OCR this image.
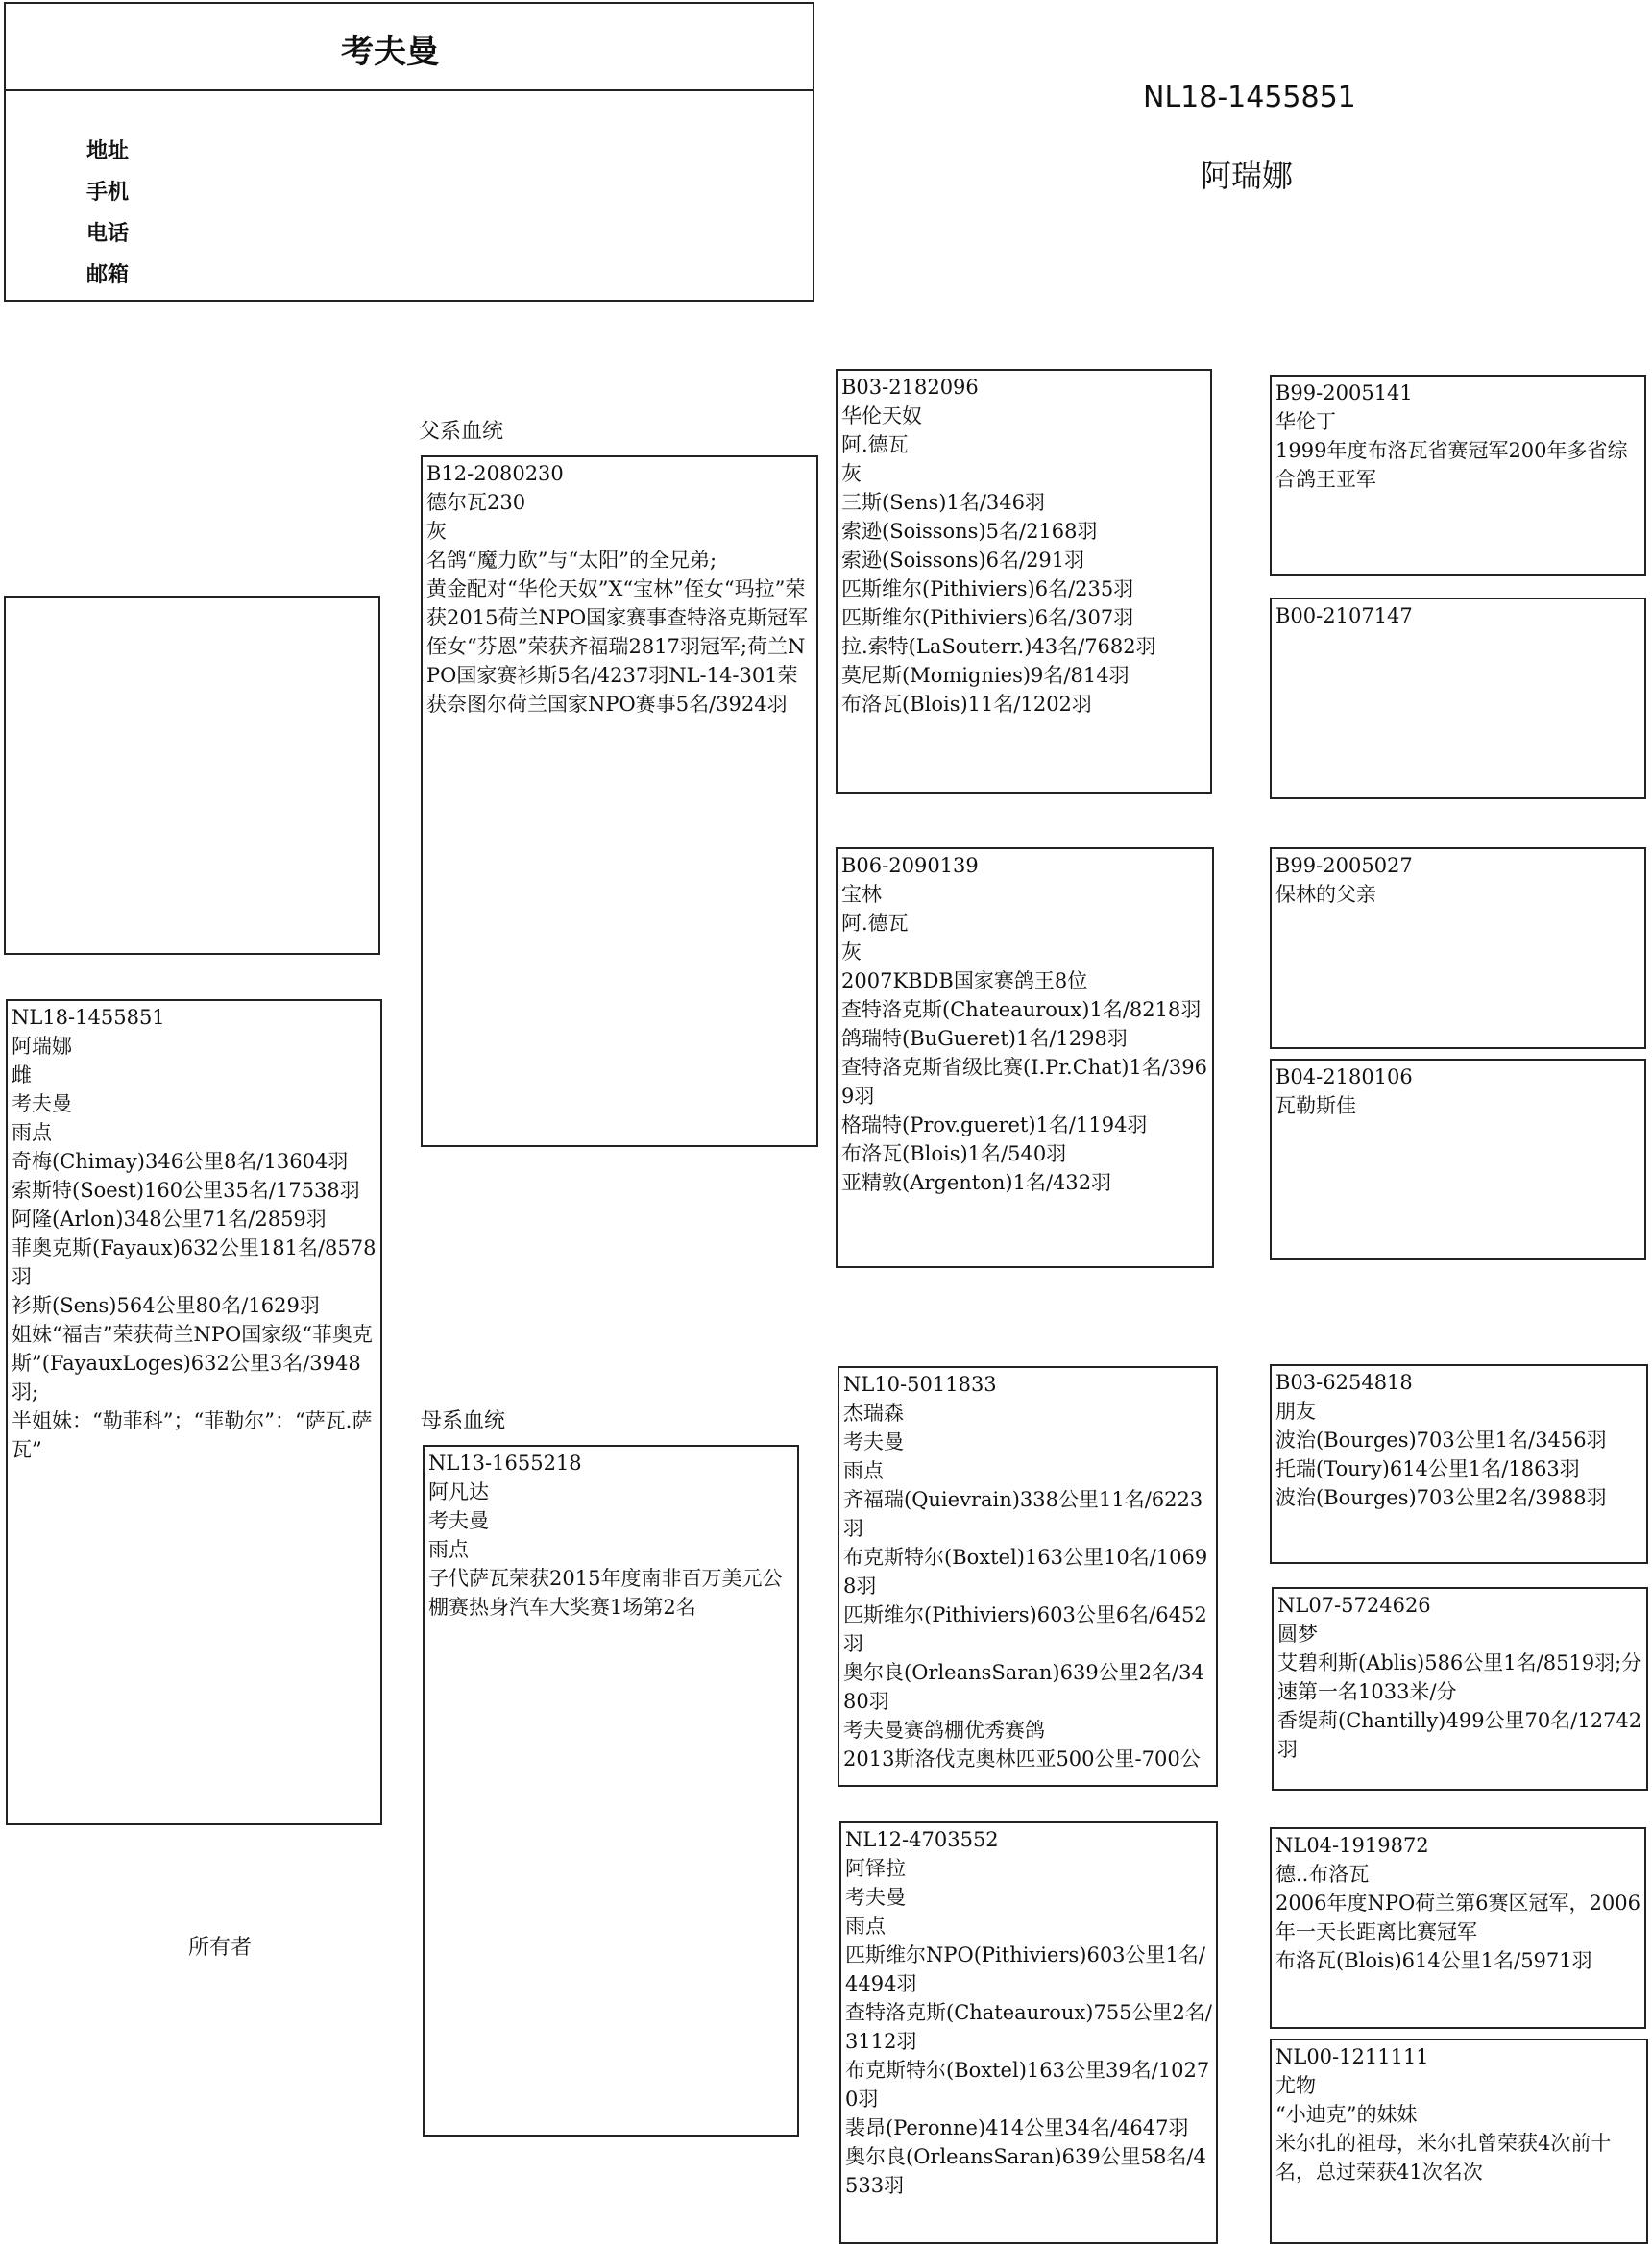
考夫曼
地址
手机
电话
邮箱
NL18-1455851
阿瑞娜
父系血统
母系血统
所有者
NL18-1455851
阿瑞娜
雌
考夫曼
雨点
奇梅(Chimay)346公里8名/13604羽
索斯特(Soest)160公里35名/17538羽
阿隆(Arlon)348公里71名/2859羽
菲奥克斯(Fayaux)632公里181名/8578羽
衫斯(Sens)564公里80名/1629羽
姐妹“福吉”荣获荷兰NPO国家级“菲奥克斯”(FayauxLoges)632公里3名/3948羽;
半姐妹：“勒菲科”；“菲勒尔”：“萨瓦.萨瓦”
B12-2080230
德尔瓦230
灰
名鸽“魔力欧”与“太阳”的全兄弟;
黄金配对“华伦天奴”X“宝林”侄女“玛拉”荣获2015荷兰NPO国家赛事查特洛克斯冠军
侄女“芬恩”荣获齐福瑞2817羽冠军;荷兰NPO国家赛衫斯5名/4237羽NL-14-301荣获奈图尔荷兰国家NPO赛事5名/3924羽
NL13-1655218
阿凡达
考夫曼
雨点
子代萨瓦荣获2015年度南非百万美元公棚赛热身汽车大奖赛1场第2名
B03-2182096
华伦天奴
阿.德瓦
灰
三斯(Sens)1名/346羽
索逊(Soissons)5名/2168羽
索逊(Soissons)6名/291羽
匹斯维尔(Pithiviers)6名/235羽
匹斯维尔(Pithiviers)6名/307羽
拉.索特(LaSouterr.)43名/7682羽
莫尼斯(Momignies)9名/814羽
布洛瓦(Blois)11名/1202羽
B06-2090139
宝林
阿.德瓦
灰
2007KBDB国家赛鸽王8位
查特洛克斯(Chateauroux)1名/8218羽
鸽瑞特(BuGueret)1名/1298羽
查特洛克斯省级比赛(I.Pr.Chat)1名/3969羽
格瑞特(Prov.gueret)1名/1194羽
布洛瓦(Blois)1名/540羽
亚精敦(Argenton)1名/432羽
NL10-5011833
杰瑞森
考夫曼
雨点
齐福瑞(Quievrain)338公里11名/6223羽
布克斯特尔(Boxtel)163公里10名/10698羽
匹斯维尔(Pithiviers)603公里6名/6452羽
奥尔良(OrleansSaran)639公里2名/3480羽
考夫曼赛鸽棚优秀赛鸽
2013斯洛伐克奥林匹亚500公里-700公
NL12-4703552
阿铎拉
考夫曼
雨点
匹斯维尔NPO(Pithiviers)603公里1名/4494羽
查特洛克斯(Chateauroux)755公里2名/3112羽
布克斯特尔(Boxtel)163公里39名/10270羽
裴昂(Peronne)414公里34名/4647羽
奥尔良(OrleansSaran)639公里58名/4533羽
B99-2005141
华伦丁
1999年度布洛瓦省赛冠军200年多省综合鸽王亚军
B00-2107147
B99-2005027
保林的父亲
B04-2180106
瓦勒斯佳
B03-6254818
朋友
波治(Bourges)703公里1名/3456羽
托瑞(Toury)614公里1名/1863羽
波治(Bourges)703公里2名/3988羽
NL07-5724626
圆梦
艾碧利斯(Ablis)586公里1名/8519羽;分速第一名1033米/分
香缇莉(Chantilly)499公里70名/12742羽
NL04-1919872
德..布洛瓦
2006年度NPO荷兰第6赛区冠军，2006年一天长距离比赛冠军
布洛瓦(Blois)614公里1名/5971羽
NL00-1211111
尤物
“小迪克”的妹妹
米尔扎的祖母，米尔扎曾荣获4次前十名，总过荣获41次名次
